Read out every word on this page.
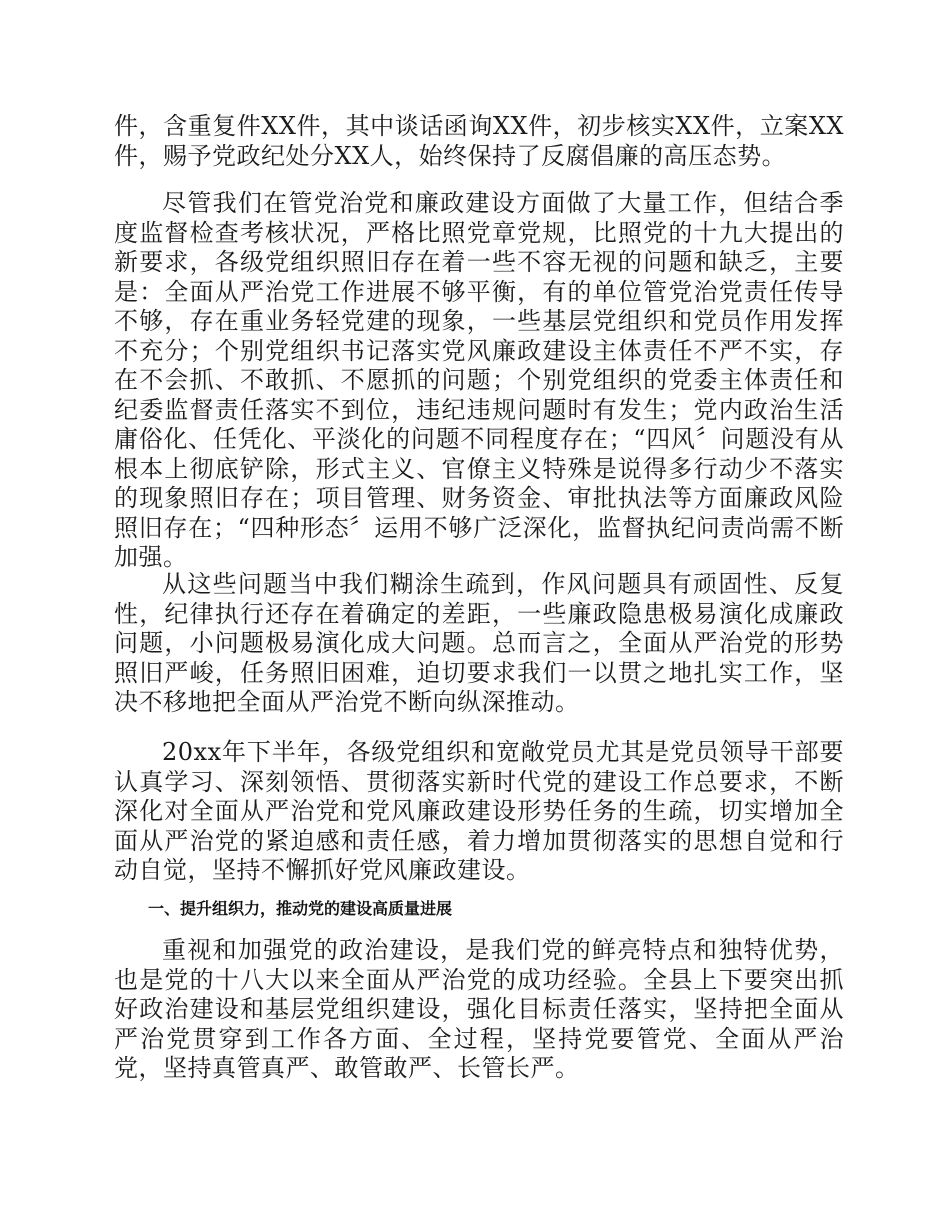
件，含重复件XX件，其中谈话函询XX件，初步核实XX件，立案XX件，赐予党政纪处分XX人，始终保持了反腐倡廉的高压态势。

尽管我们在管党治党和廉政建设方面做了大量工作，但结合季度监督检查考核状况，严格比照党章党规，比照党的十九大提出的新要求，各级党组织照旧存在着一些不容无视的问题和缺乏，主要是：全面从严治党工作进展不够平衡，有的单位管党治党责任传导不够，存在重业务轻党建的现象，一些基层党组织和党员作用发挥不充分；个别党组织书记落实党风廉政建设主体责任不严不实，存在不会抓、不敢抓、不愿抓的问题；个别党组织的党委主体责任和纪委监督责任落实不到位，违纪违规问题时有发生；党内政治生活庸俗化、任凭化、平淡化的问题不同程度存在；“四风〞问题没有从根本上彻底铲除，形式主义、官僚主义特殊是说得多行动少不落实的现象照旧存在；项目管理、财务资金、审批执法等方面廉政风险照旧存在；“四种形态〞运用不够广泛深化，监督执纪问责尚需不断加强。

从这些问题当中我们糊涂生疏到，作风问题具有顽固性、反复性，纪律执行还存在着确定的差距，一些廉政隐患极易演化成廉政问题，小问题极易演化成大问题。总而言之，全面从严治党的形势照旧严峻，任务照旧困难，迫切要求我们一以贯之地扎实工作，坚决不移地把全面从严治党不断向纵深推动。

20xx年下半年，各级党组织和宽敞党员尤其是党员领导干部要认真学习、深刻领悟、贯彻落实新时代党的建设工作总要求，不断深化对全面从严治党和党风廉政建设形势任务的生疏，切实增加全面从严治党的紧迫感和责任感，着力增加贯彻落实的思想自觉和行动自觉，坚持不懈抓好党风廉政建设。

一、提升组织力，推动党的建设高质量进展

重视和加强党的政治建设，是我们党的鲜亮特点和独特优势，也是党的十八大以来全面从严治党的成功经验。全县上下要突出抓好政治建设和基层党组织建设，强化目标责任落实，坚持把全面从严治党贯穿到工作各方面、全过程，坚持党要管党、全面从严治党，坚持真管真严、敢管敢严、长管长严。
